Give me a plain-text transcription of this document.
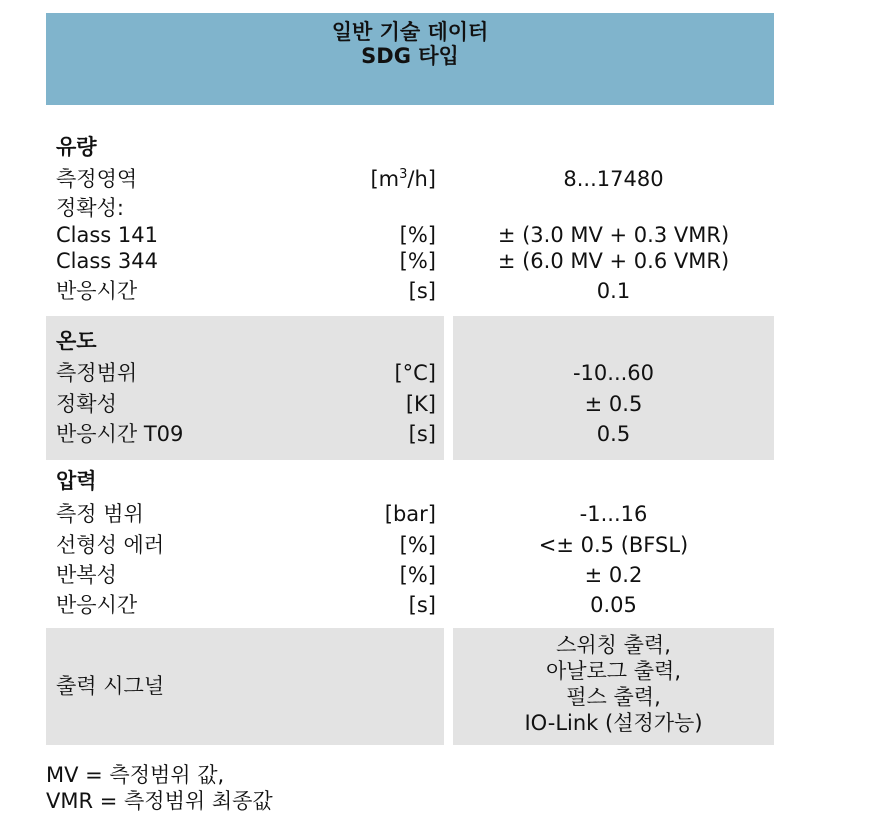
일반 기술 데이터
SDG 타입
유량
측정영역	$[m^3/h]$	8...17480
정확성:
Class 141	[%]	± (3.0 MV + 0.3 VMR)
Class 344	[%]	± (6.0 MV + 0.6 VMR)
반응시간	[s]	0.1
온도
측정범위	[°C]	-10...60
정확성	[K]	± 0.5
반응시간 T09	[s]	0.5
압력
측정 범위	[bar]	-1...16
선형성 에러	[%]	<± 0.5 (BFSL)
반복성	[%]	± 0.2
반응시간	[s]	0.05
출력 시그널
스위칭 출력,
아날로그 출력,
펄스 출력,
IO-Link (설정가능)
MV = 측정범위 값,
VMR = 측정범위 최종값
